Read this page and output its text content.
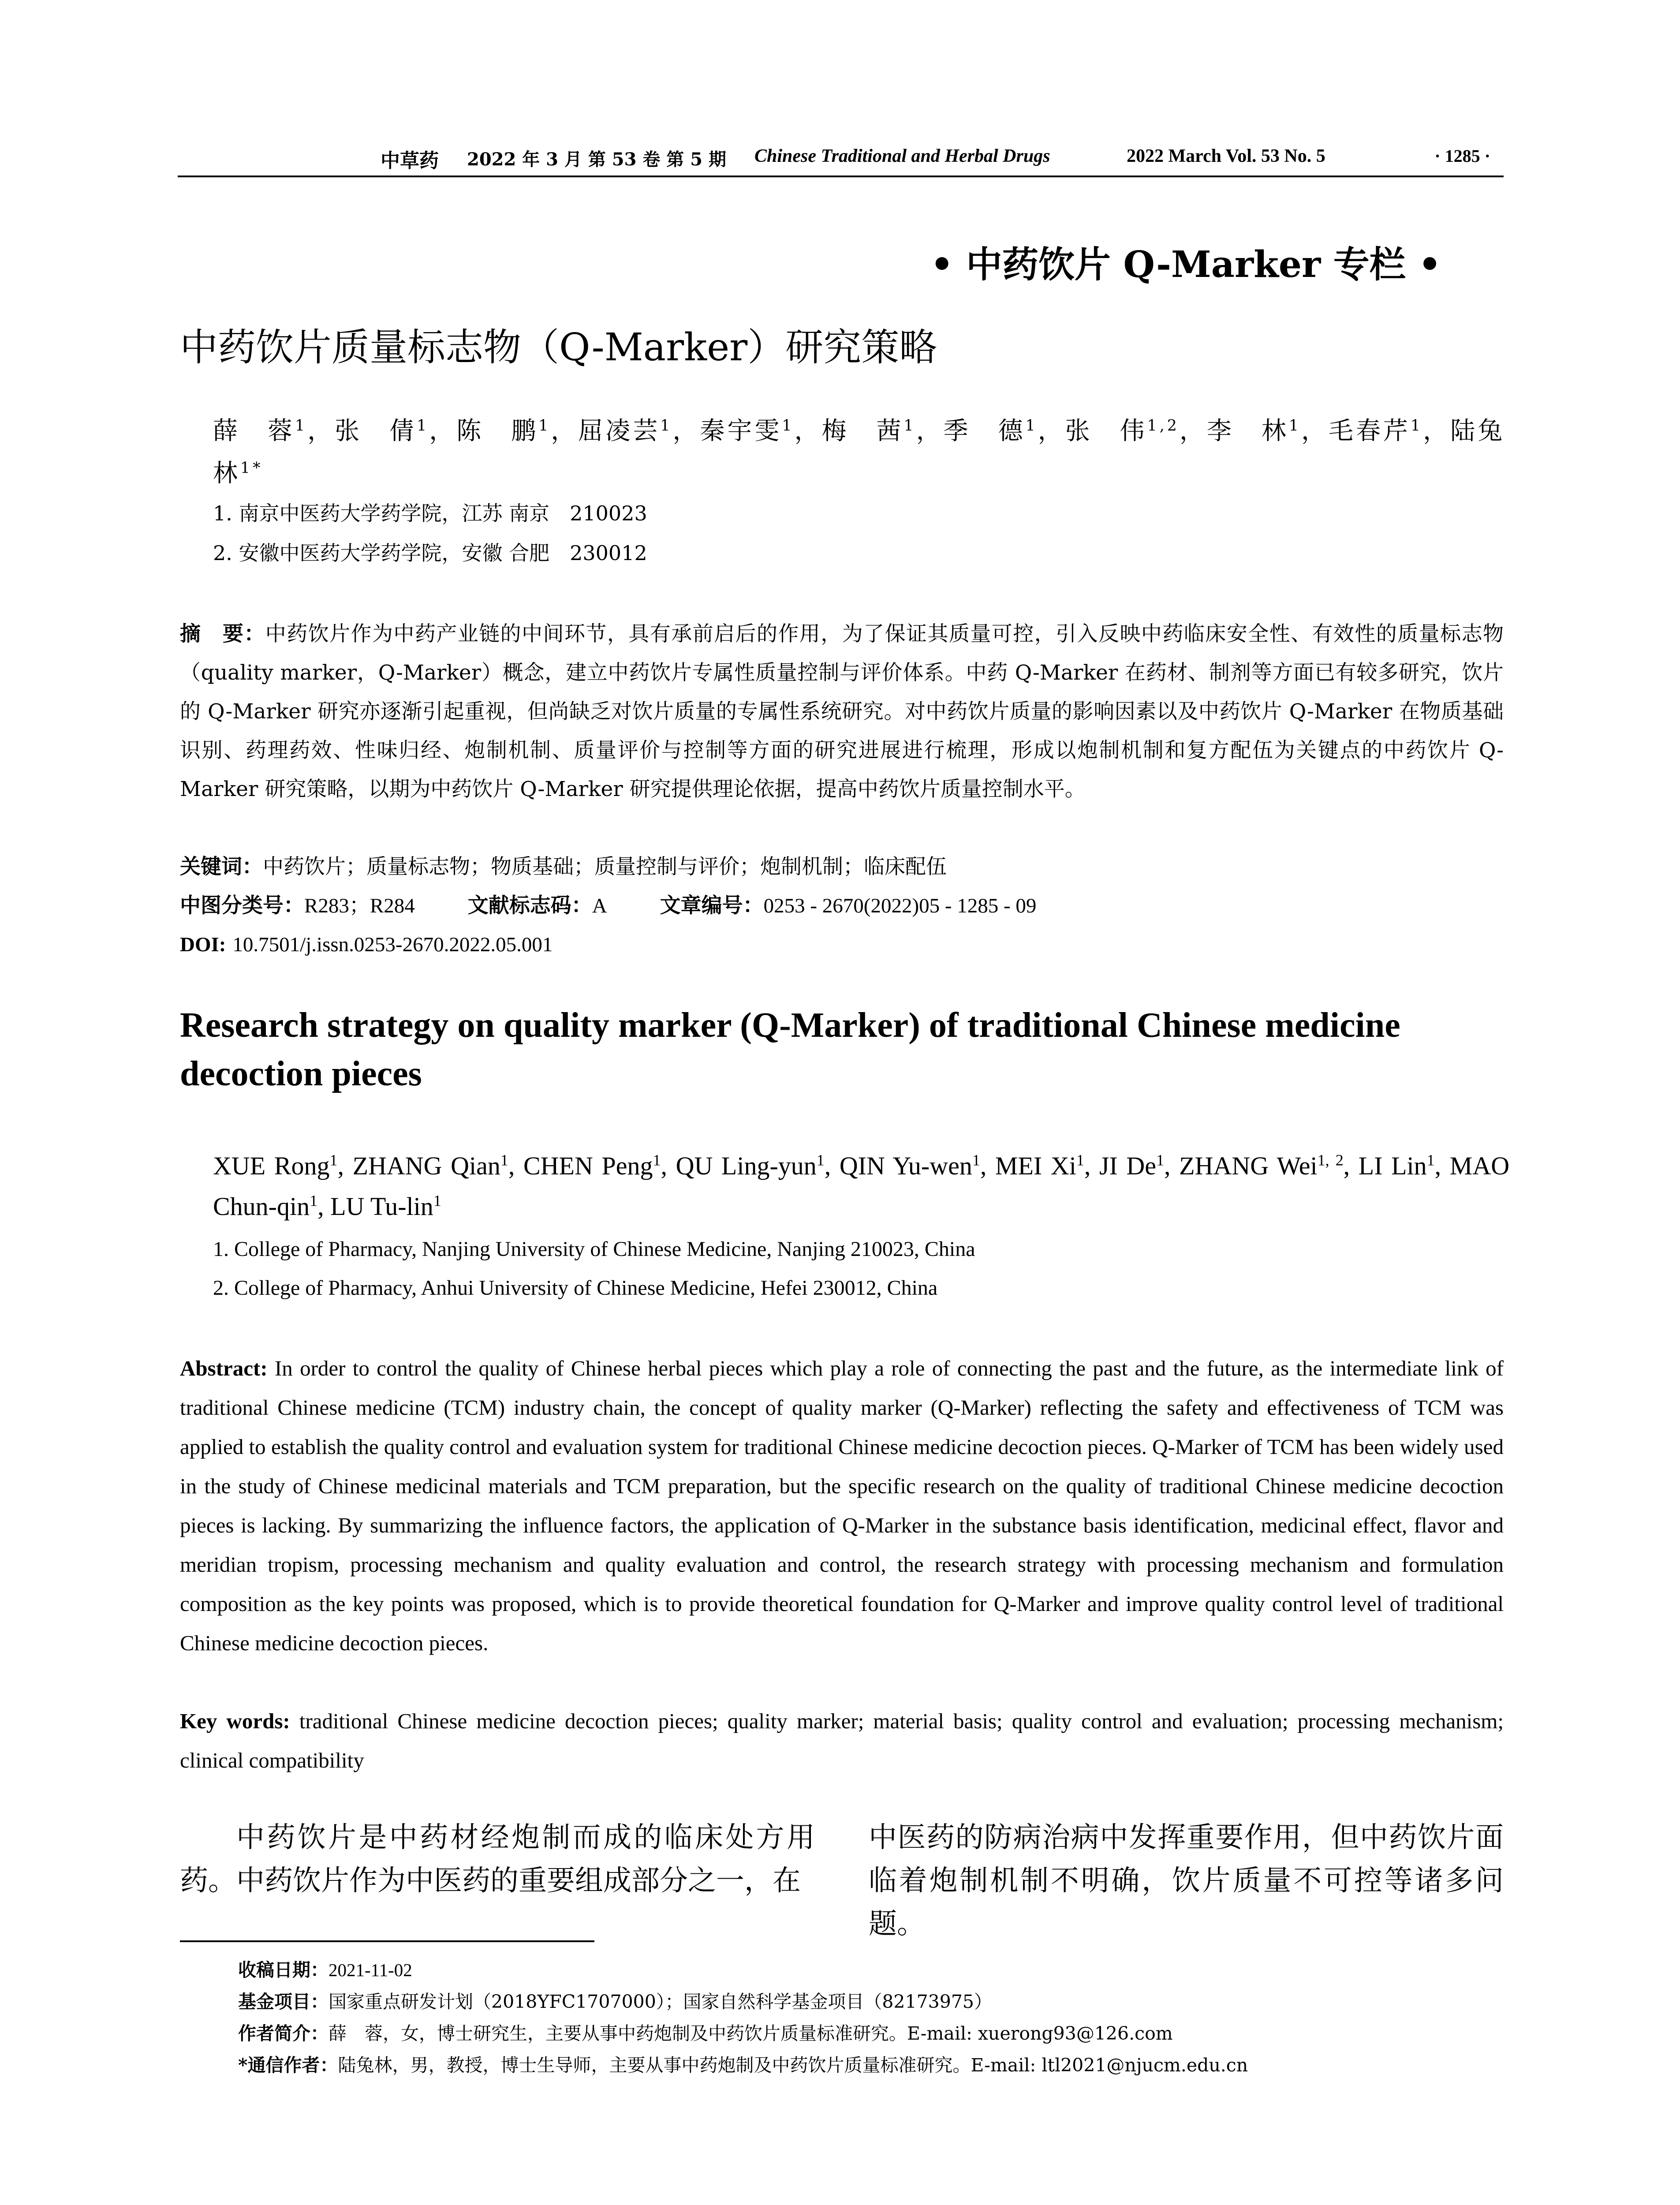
中草药 2022 年 3 月 第 53 卷 第 5 期 Chinese Traditional and Herbal Drugs	2022 March Vol. 53 No. 5	· 1285 ·
• 中药饮片 Q-Marker 专栏 •
中药饮片质量标志物（Q-Marker）研究策略
薛　蓉$^1$，张　倩$^1$，陈　鹏$^1$，屈凌芸$^1$，秦宇雯$^1$，梅　茜$^1$，季　德$^1$，张　伟$^{1,2}$，李　林$^1$，毛春芹$^1$，陆兔林$^{1*}$
1. 南京中医药大学药学院，江苏 南京　210023
2. 安徽中医药大学药学院，安徽 合肥　230012
摘　要：中药饮片作为中药产业链的中间环节，具有承前启后的作用，为了保证其质量可控，引入反映中药临床安全性、有效性的质量标志物（quality marker，Q-Marker）概念，建立中药饮片专属性质量控制与评价体系。中药 Q-Marker 在药材、制剂等方面已有较多研究，饮片的 Q-Marker 研究亦逐渐引起重视，但尚缺乏对饮片质量的专属性系统研究。对中药饮片质量的影响因素以及中药饮片 Q-Marker 在物质基础识别、药理药效、性味归经、炮制机制、质量评价与控制等方面的研究进展进行梳理，形成以炮制机制和复方配伍为关键点的中药饮片 Q-Marker 研究策略，以期为中药饮片 Q-Marker 研究提供理论依据，提高中药饮片质量控制水平。
关键词：中药饮片；质量标志物；物质基础；质量控制与评价；炮制机制；临床配伍
中图分类号：R283；R284	文献标志码：A	文章编号：0253 - 2670(2022)05 - 1285 - 09
DOI: 10.7501/j.issn.0253-2670.2022.05.001
Research strategy on quality marker (Q-Marker) of traditional Chinese medicine decoction pieces
XUE Rong$^1$, ZHANG Qian$^1$, CHEN Peng$^1$, QU Ling-yun$^1$, QIN Yu-wen$^1$, MEI Xi$^1$, JI De$^1$, ZHANG Wei$^{1, 2}$, LI Lin$^1$, MAO Chun-qin$^1$, LU Tu-lin$^1$
1. College of Pharmacy, Nanjing University of Chinese Medicine, Nanjing 210023, China
2. College of Pharmacy, Anhui University of Chinese Medicine, Hefei 230012, China
Abstract: In order to control the quality of Chinese herbal pieces which play a role of connecting the past and the future, as the intermediate link of traditional Chinese medicine (TCM) industry chain, the concept of quality marker (Q-Marker) reflecting the safety and effectiveness of TCM was applied to establish the quality control and evaluation system for traditional Chinese medicine decoction pieces. Q-Marker of TCM has been widely used in the study of Chinese medicinal materials and TCM preparation, but the specific research on the quality of traditional Chinese medicine decoction pieces is lacking. By summarizing the influence factors, the application of Q-Marker in the substance basis identification, medicinal effect, flavor and meridian tropism, processing mechanism and quality evaluation and control, the research strategy with processing mechanism and formulation composition as the key points was proposed, which is to provide theoretical foundation for Q-Marker and improve quality control level of traditional Chinese medicine decoction pieces.
Key words: traditional Chinese medicine decoction pieces; quality marker; material basis; quality control and evaluation; processing mechanism; clinical compatibility
中药饮片是中药材经炮制而成的临床处方用药。中药饮片作为中医药的重要组成部分之一，在
中医药的防病治病中发挥重要作用，但中药饮片面临着炮制机制不明确，饮片质量不可控等诸多问题。
收稿日期：2021-11-02
基金项目：国家重点研发计划（2018YFC1707000）；国家自然科学基金项目（82173975）
作者简介：薛　蓉，女，博士研究生，主要从事中药炮制及中药饮片质量标准研究。E-mail: xuerong93@126.com
*通信作者：陆兔林，男，教授，博士生导师，主要从事中药炮制及中药饮片质量标准研究。E-mail: ltl2021@njucm.edu.cn
